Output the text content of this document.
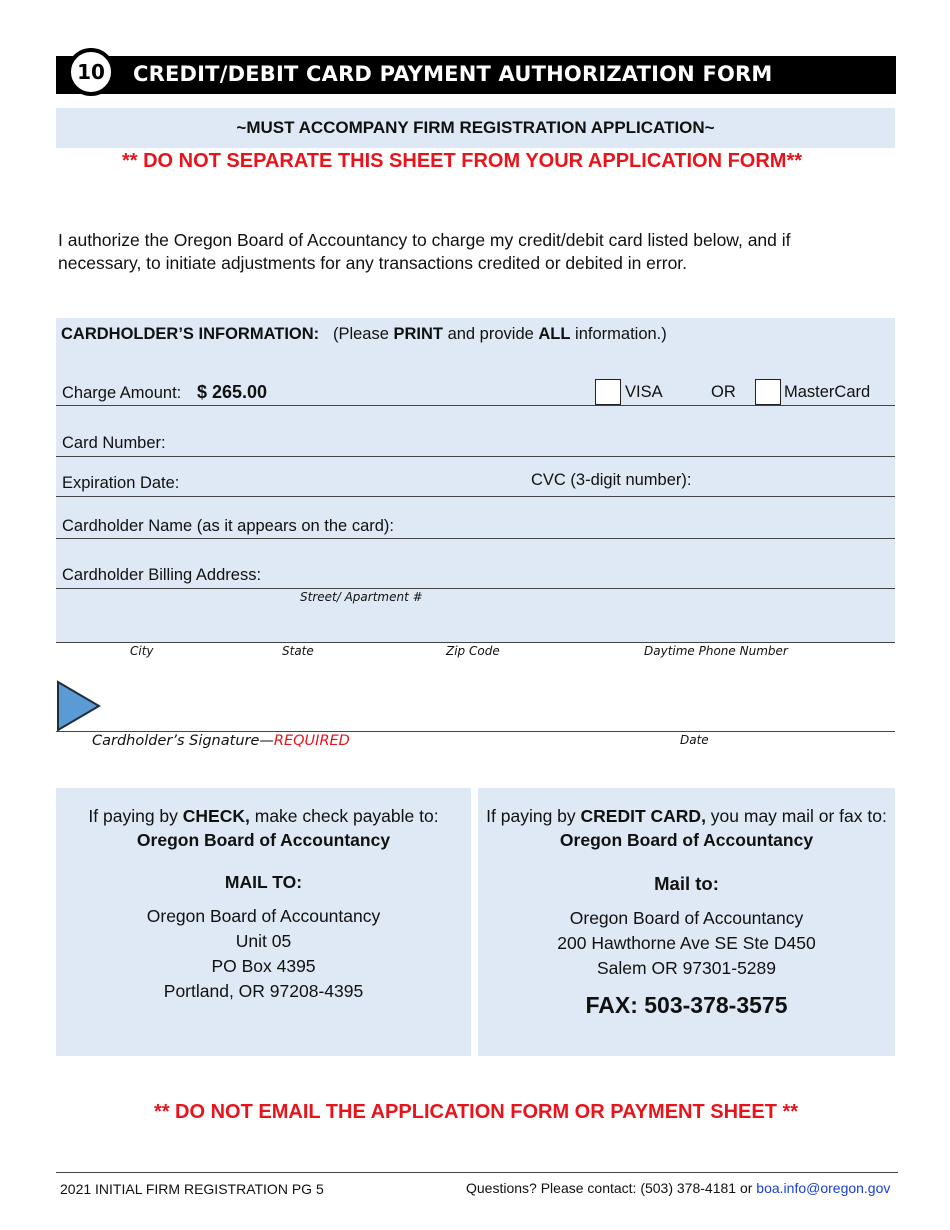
10	CREDIT/DEBIT CARD PAYMENT AUTHORIZATION FORM
~MUST ACCOMPANY FIRM REGISTRATION APPLICATION~
** DO NOT SEPARATE THIS SHEET FROM YOUR APPLICATION FORM**
I authorize the Oregon Board of Accountancy to charge my credit/debit card listed below, and if necessary, to initiate adjustments for any transactions credited or debited in error.
CARDHOLDER’S INFORMATION: (Please PRINT and provide ALL information.)
Charge Amount: $ 265.00	VISA	OR	MasterCard
Card Number:
Expiration Date:	CVC (3-digit number):
Cardholder Name (as it appears on the card):
Cardholder Billing Address:
Street/ Apartment #
City	State	Zip Code	Daytime Phone Number
Cardholder’s Signature—REQUIRED	Date
If paying by CHECK, make check payable to:
Oregon Board of Accountancy
MAIL TO:
Oregon Board of Accountancy
Unit 05
PO Box 4395
Portland, OR 97208-4395
If paying by CREDIT CARD, you may mail or fax to:
Oregon Board of Accountancy
Mail to:
Oregon Board of Accountancy
200 Hawthorne Ave SE Ste D450
Salem OR 97301-5289
FAX: 503-378-3575
** DO NOT EMAIL THE APPLICATION FORM OR PAYMENT SHEET **
2021 INITIAL FIRM REGISTRATION PG 5	Questions? Please contact: (503) 378-4181 or boa.info@oregon.gov
